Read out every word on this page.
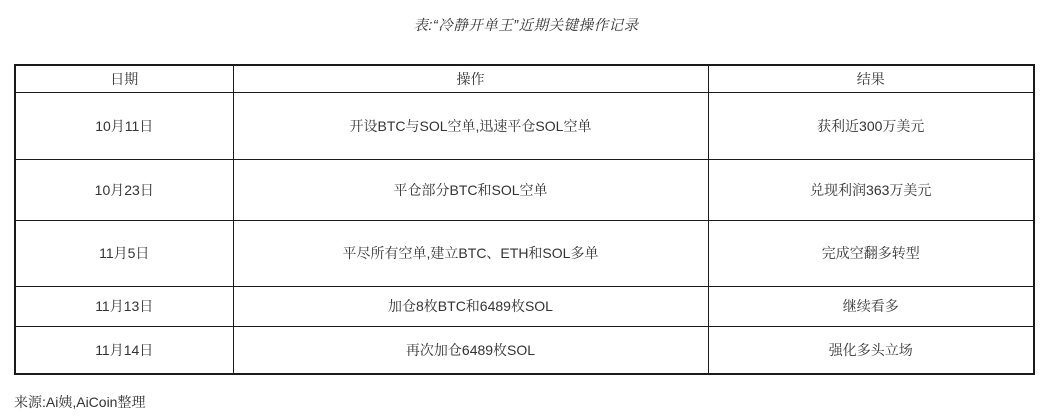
表:“冷静开单王”近期关键操作记录
日期	操作	结果
10月11日	开设BTC与SOL空单,迅速平仓SOL空单	获利近300万美元
10月23日	平仓部分BTC和SOL空单	兑现利润363万美元
11月5日	平尽所有空单,建立BTC、ETH和SOL多单	完成空翻多转型
11月13日	加仓8枚BTC和6489枚SOL	继续看多
11月14日	再次加仓6489枚SOL	强化多头立场
来源:Ai姨,AiCoin整理
